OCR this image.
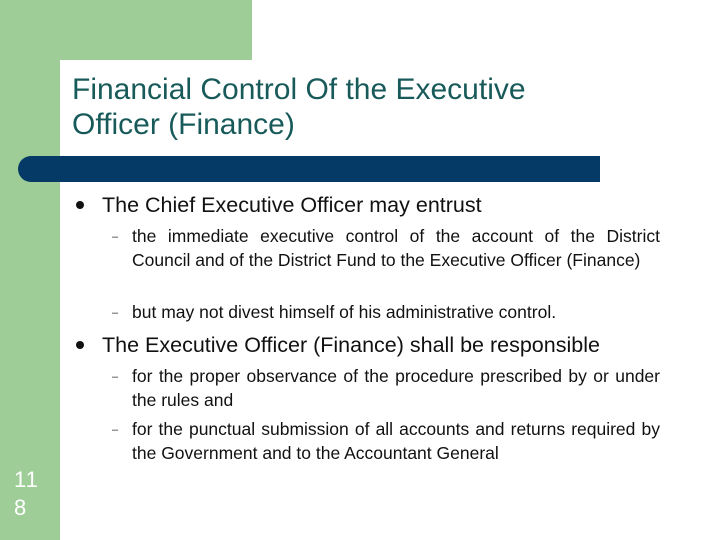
Financial Control Of the Executive
Officer (Finance)
The Chief Executive Officer may entrust
– the immediate executive control of the account of the District Council and of the District Fund to the Executive Officer (Finance)
– but may not divest himself of his administrative control.
The Executive Officer (Finance) shall be responsible
– for the proper observance of the procedure prescribed by or under the rules and
– for the punctual submission of all accounts and returns required by the Government and to the Accountant General
11
8
